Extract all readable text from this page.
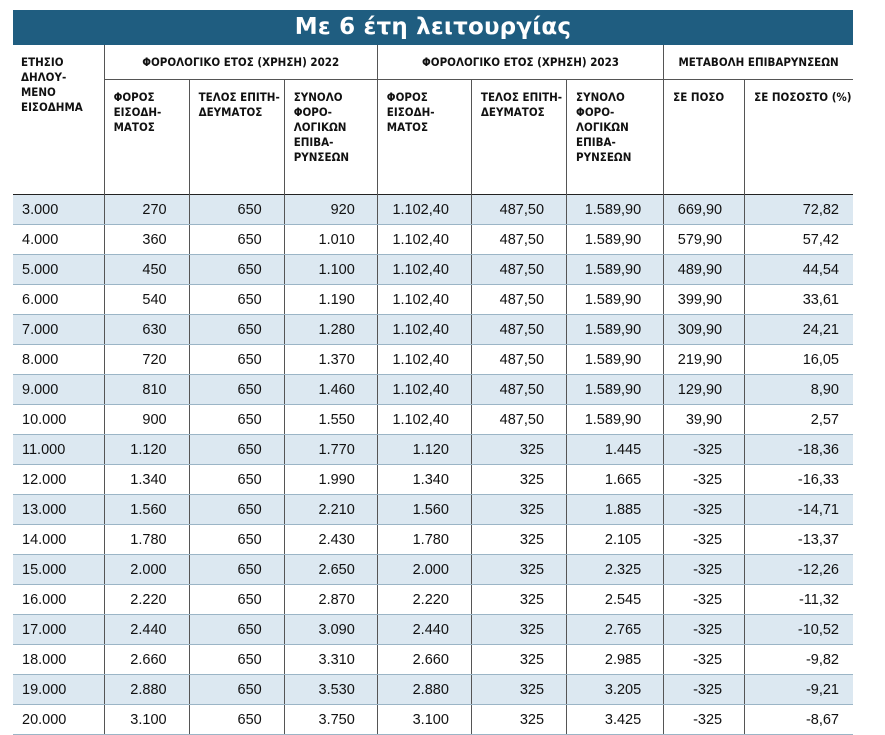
Με 6 έτη λειτουργίας
ΕΤΗΣΙΟ ΔΗΛΟΥ- ΜΕΝΟ ΕΙΣΟΔΗΜΑ	ΦΟΡΟΛΟΓΙΚΟ ΕΤΟΣ (ΧΡΗΣΗ) 2022			ΦΟΡΟΛΟΓΙΚΟ ΕΤΟΣ (ΧΡΗΣΗ) 2023			ΜΕΤΑΒΟΛΗ ΕΠΙΒΑΡΥΝΣΕΩΝ	
	ΦΟΡΟΣ ΕΙΣΟΔΗ- ΜΑΤΟΣ	ΤΕΛΟΣ ΕΠΙΤΗ- ΔΕΥΜΑΤΟΣ	ΣΥΝΟΛΟ ΦΟΡΟ- ΛΟΓΙΚΩΝ ΕΠΙΒΑ- ΡΥΝΣΕΩΝ	ΦΟΡΟΣ ΕΙΣΟΔΗ- ΜΑΤΟΣ	ΤΕΛΟΣ ΕΠΙΤΗ- ΔΕΥΜΑΤΟΣ	ΣΥΝΟΛΟ ΦΟΡΟ- ΛΟΓΙΚΩΝ ΕΠΙΒΑ- ΡΥΝΣΕΩΝ	ΣΕ ΠΟΣΟ	ΣΕ ΠΟΣΟΣΤΟ (%)
3.000	270	650	920	1.102,40	487,50	1.589,90	669,90	72,82
4.000	360	650	1.010	1.102,40	487,50	1.589,90	579,90	57,42
5.000	450	650	1.100	1.102,40	487,50	1.589,90	489,90	44,54
6.000	540	650	1.190	1.102,40	487,50	1.589,90	399,90	33,61
7.000	630	650	1.280	1.102,40	487,50	1.589,90	309,90	24,21
8.000	720	650	1.370	1.102,40	487,50	1.589,90	219,90	16,05
9.000	810	650	1.460	1.102,40	487,50	1.589,90	129,90	8,90
10.000	900	650	1.550	1.102,40	487,50	1.589,90	39,90	2,57
11.000	1.120	650	1.770	1.120	325	1.445	-325	-18,36
12.000	1.340	650	1.990	1.340	325	1.665	-325	-16,33
13.000	1.560	650	2.210	1.560	325	1.885	-325	-14,71
14.000	1.780	650	2.430	1.780	325	2.105	-325	-13,37
15.000	2.000	650	2.650	2.000	325	2.325	-325	-12,26
16.000	2.220	650	2.870	2.220	325	2.545	-325	-11,32
17.000	2.440	650	3.090	2.440	325	2.765	-325	-10,52
18.000	2.660	650	3.310	2.660	325	2.985	-325	-9,82
19.000	2.880	650	3.530	2.880	325	3.205	-325	-9,21
20.000	3.100	650	3.750	3.100	325	3.425	-325	-8,67
